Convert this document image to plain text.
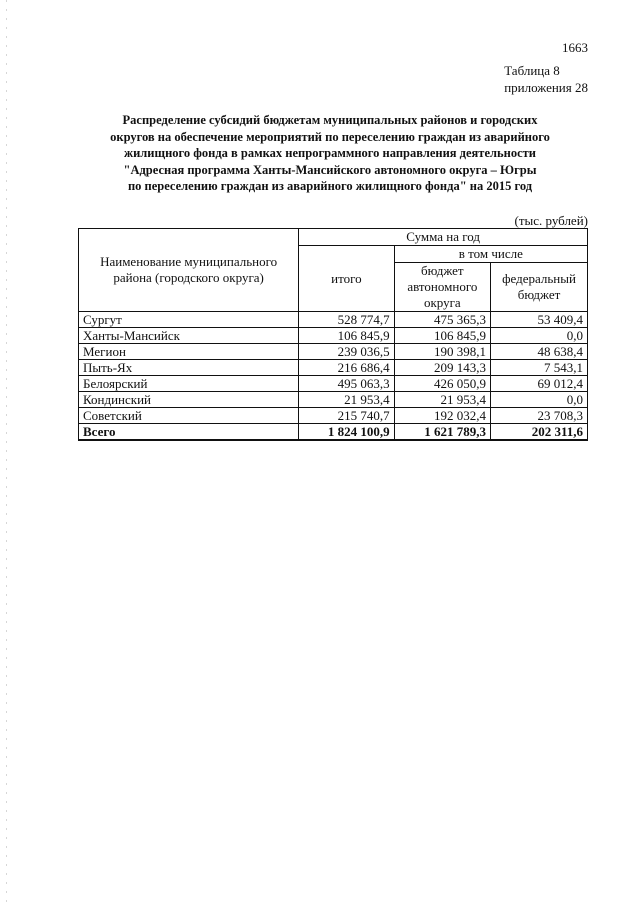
1663
Таблица 8
приложения 28
Распределение субсидий бюджетам муниципальных районов и городских
округов на обеспечение мероприятий по переселению граждан из аварийного
жилищного фонда в рамках непрограммного направления деятельности
"Адресная программа Ханты-Мансийского автономного округа – Югры
по переселению граждан из аварийного жилищного фонда" на 2015 год
(тыс. рублей)
Наименование муниципального района (городского округа)	Сумма на год		
	итого	в том числе	
		бюджет автономного округа	федеральный бюджет
Сургут	528 774,7	475 365,3	53 409,4
Ханты-Мансийск	106 845,9	106 845,9	0,0
Мегион	239 036,5	190 398,1	48 638,4
Пыть-Ях	216 686,4	209 143,3	7 543,1
Белоярский	495 063,3	426 050,9	69 012,4
Кондинский	21 953,4	21 953,4	0,0
Советский	215 740,7	192 032,4	23 708,3
Всего	1 824 100,9	1 621 789,3	202 311,6
